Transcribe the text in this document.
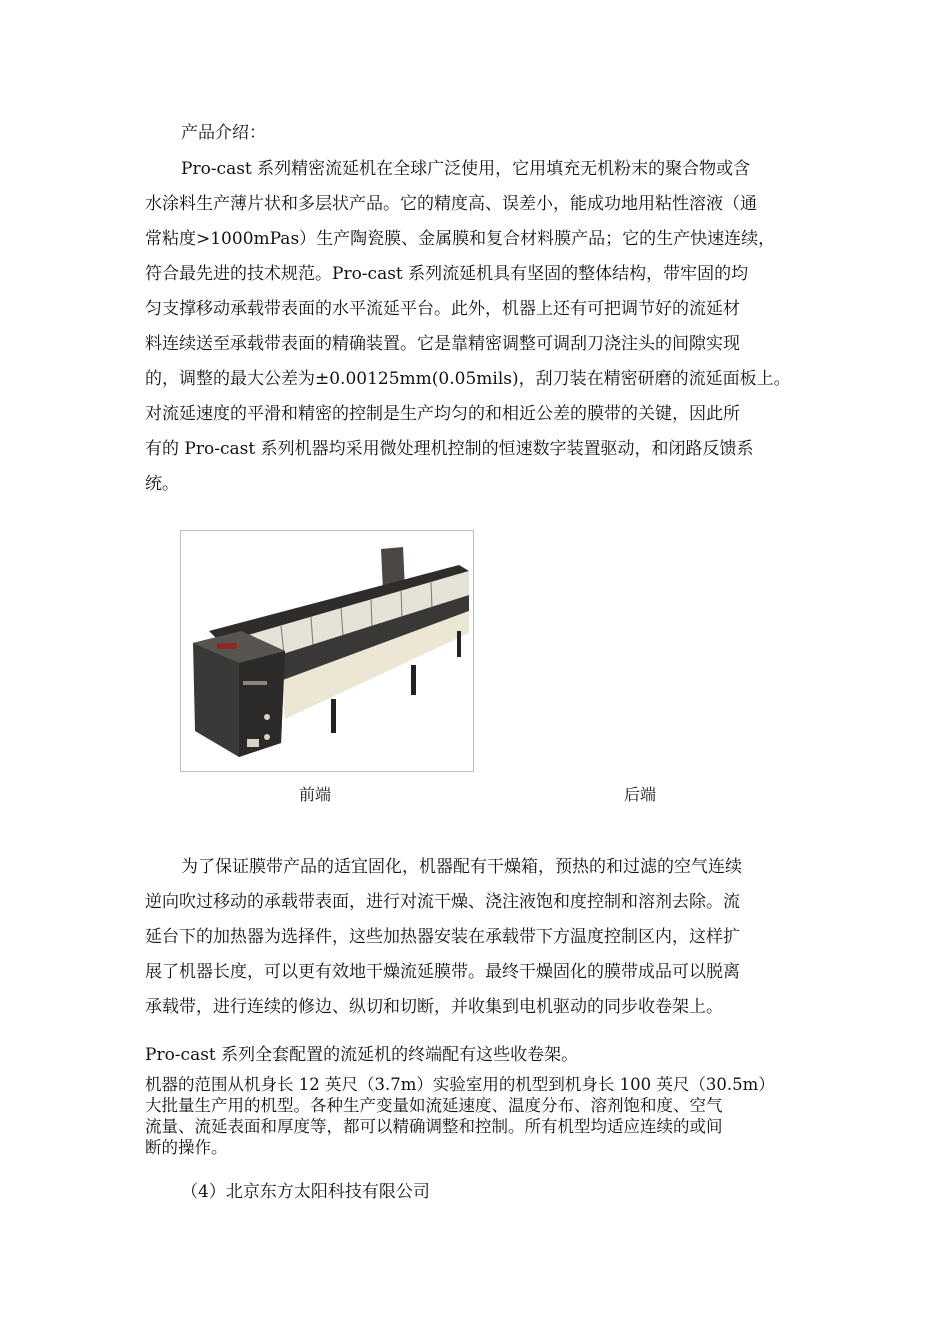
产品介绍：

Pro-cast 系列精密流延机在全球广泛使用，它用填充无机粉末的聚合物或含
水涂料生产薄片状和多层状产品。它的精度高、误差小，能成功地用粘性溶液（通
常粘度>1000mPas）生产陶瓷膜、金属膜和复合材料膜产品；它的生产快速连续，
符合最先进的技术规范。Pro-cast 系列流延机具有坚固的整体结构，带牢固的均
匀支撑移动承载带表面的水平流延平台。此外，机器上还有可把调节好的流延材
料连续送至承载带表面的精确装置。它是靠精密调整可调刮刀浇注头的间隙实现
的，调整的最大公差为±0.00125mm(0.05mils)，刮刀装在精密研磨的流延面板上。
对流延速度的平滑和精密的控制是生产均匀的和相近公差的膜带的关键，因此所
有的 Pro-cast 系列机器均采用微处理机控制的恒速数字装置驱动，和闭路反馈系
统。

前端	后端

为了保证膜带产品的适宜固化，机器配有干燥箱，预热的和过滤的空气连续
逆向吹过移动的承载带表面，进行对流干燥、浇注液饱和度控制和溶剂去除。流
延台下的加热器为选择件，这些加热器安装在承载带下方温度控制区内，这样扩
展了机器长度，可以更有效地干燥流延膜带。最终干燥固化的膜带成品可以脱离
承载带，进行连续的修边、纵切和切断，并收集到电机驱动的同步收卷架上。

Pro-cast 系列全套配置的流延机的终端配有这些收卷架。

机器的范围从机身长 12 英尺（3.7m）实验室用的机型到机身长 100 英尺（30.5m）
大批量生产用的机型。各种生产变量如流延速度、温度分布、溶剂饱和度、空气
流量、流延表面和厚度等，都可以精确调整和控制。所有机型均适应连续的或间
断的操作。

（4）北京东方太阳科技有限公司
